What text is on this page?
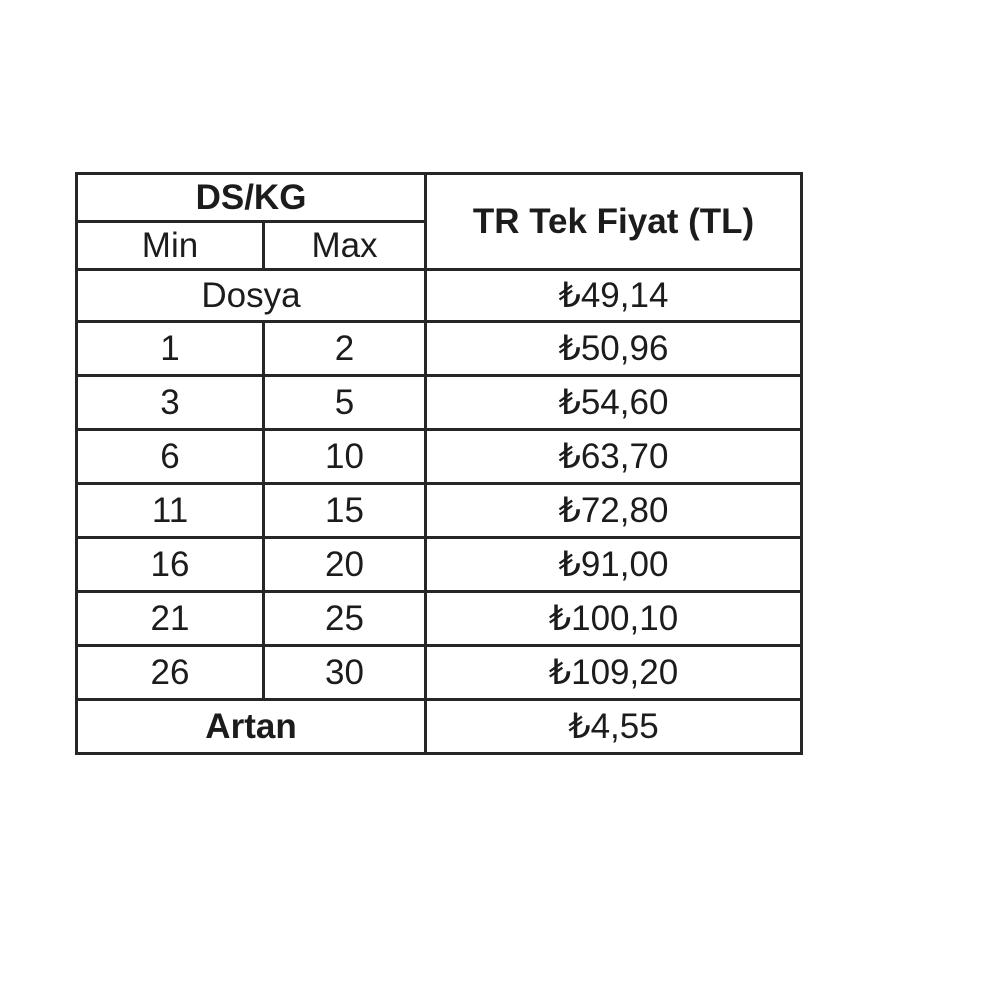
DS/KG		TR Tek Fiyat (TL)
Min	Max	
Dosya		₺49,14
1	2	₺50,96
3	5	₺54,60
6	10	₺63,70
11	15	₺72,80
16	20	₺91,00
21	25	₺100,10
26	30	₺109,20
Artan		₺4,55
